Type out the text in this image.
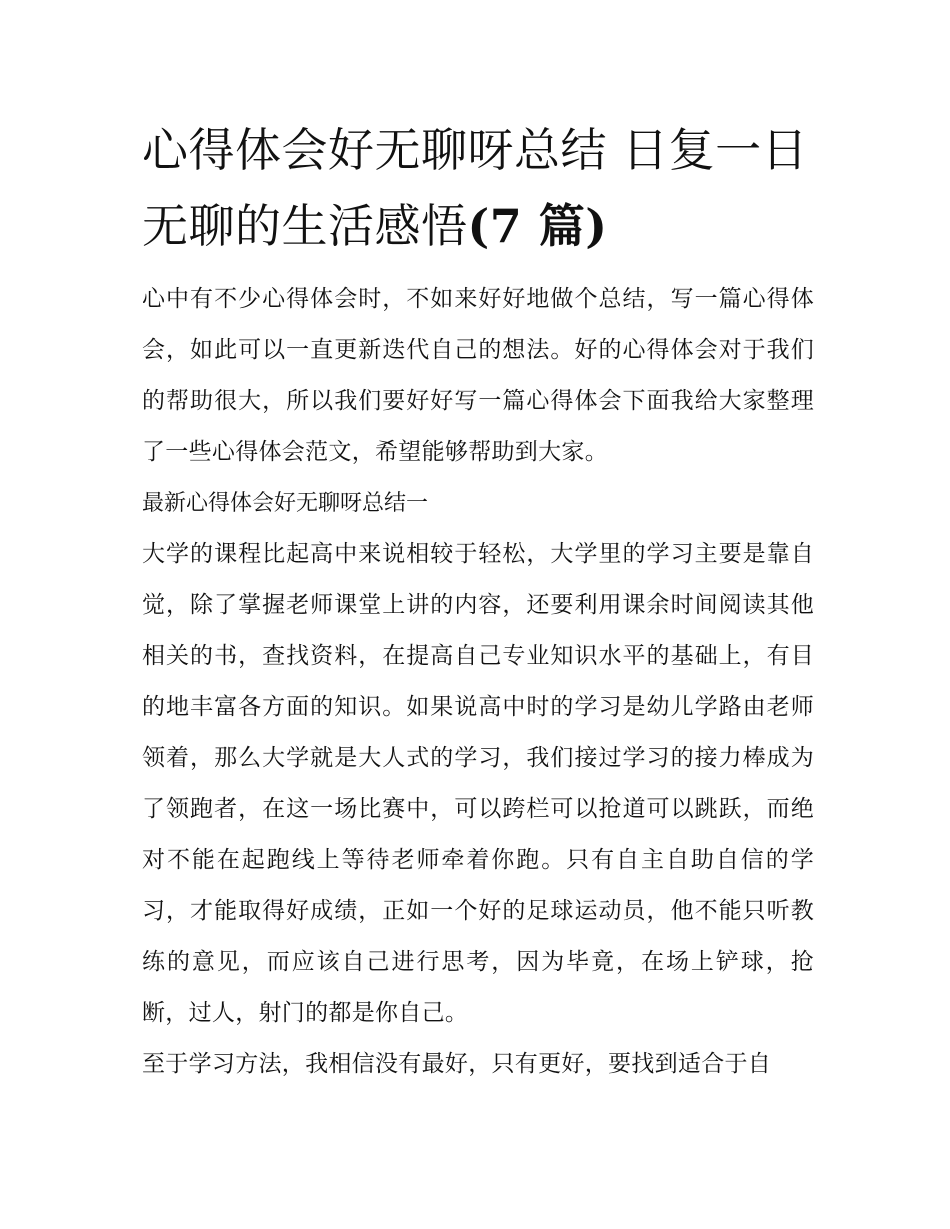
心得体会好无聊呀总结 日复一日无聊的生活感悟(7 篇)

心中有不少心得体会时，不如来好好地做个总结，写一篇心得体会，如此可以一直更新迭代自己的想法。好的心得体会对于我们的帮助很大，所以我们要好好写一篇心得体会下面我给大家整理了一些心得体会范文，希望能够帮助到大家。

最新心得体会好无聊呀总结一

大学的课程比起高中来说相较于轻松，大学里的学习主要是靠自觉，除了掌握老师课堂上讲的内容，还要利用课余时间阅读其他相关的书，查找资料，在提高自己专业知识水平的基础上，有目的地丰富各方面的知识。如果说高中时的学习是幼儿学路由老师领着，那么大学就是大人式的学习，我们接过学习的接力棒成为了领跑者，在这一场比赛中，可以跨栏可以抢道可以跳跃，而绝对不能在起跑线上等待老师牵着你跑。只有自主自助自信的学习，才能取得好成绩，正如一个好的足球运动员，他不能只听教练的意见，而应该自己进行思考，因为毕竟，在场上铲球，抢断，过人，射门的都是你自己。

至于学习方法，我相信没有最好，只有更好，要找到适合于自
